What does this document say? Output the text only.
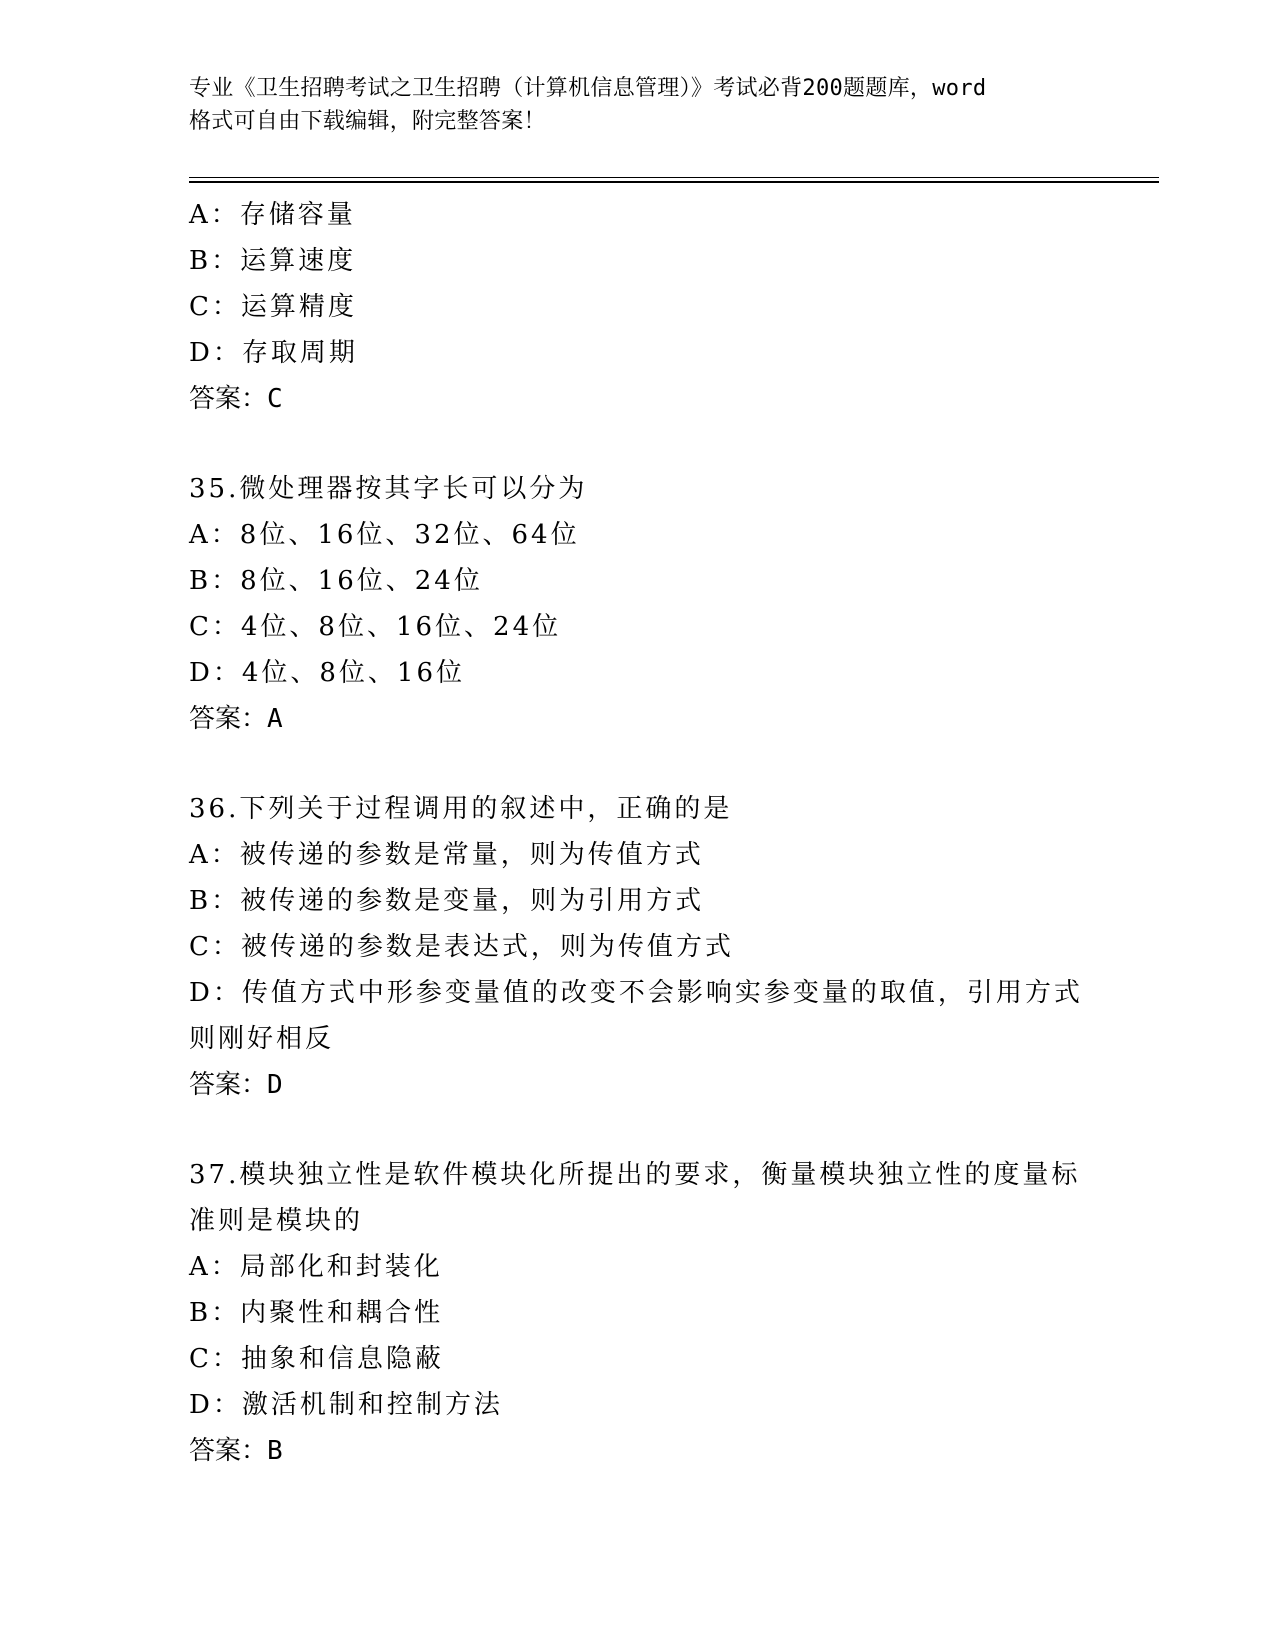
专业《卫生招聘考试之卫生招聘（计算机信息管理）》考试必背200题题库，word
格式可自由下载编辑，附完整答案！
A：存储容量
B：运算速度
C：运算精度
D：存取周期
答案：C
35.微处理器按其字长可以分为
A：8位、16位、32位、64位
B：8位、16位、24位
C：4位、8位、16位、24位
D：4位、8位、16位
答案：A
36.下列关于过程调用的叙述中，正确的是
A：被传递的参数是常量，则为传值方式
B：被传递的参数是变量，则为引用方式
C：被传递的参数是表达式，则为传值方式
D：传值方式中形参变量值的改变不会影响实参变量的取值，引用方式
则刚好相反
答案：D
37.模块独立性是软件模块化所提出的要求，衡量模块独立性的度量标
准则是模块的
A：局部化和封装化
B：内聚性和耦合性
C：抽象和信息隐蔽
D：激活机制和控制方法
答案：B
